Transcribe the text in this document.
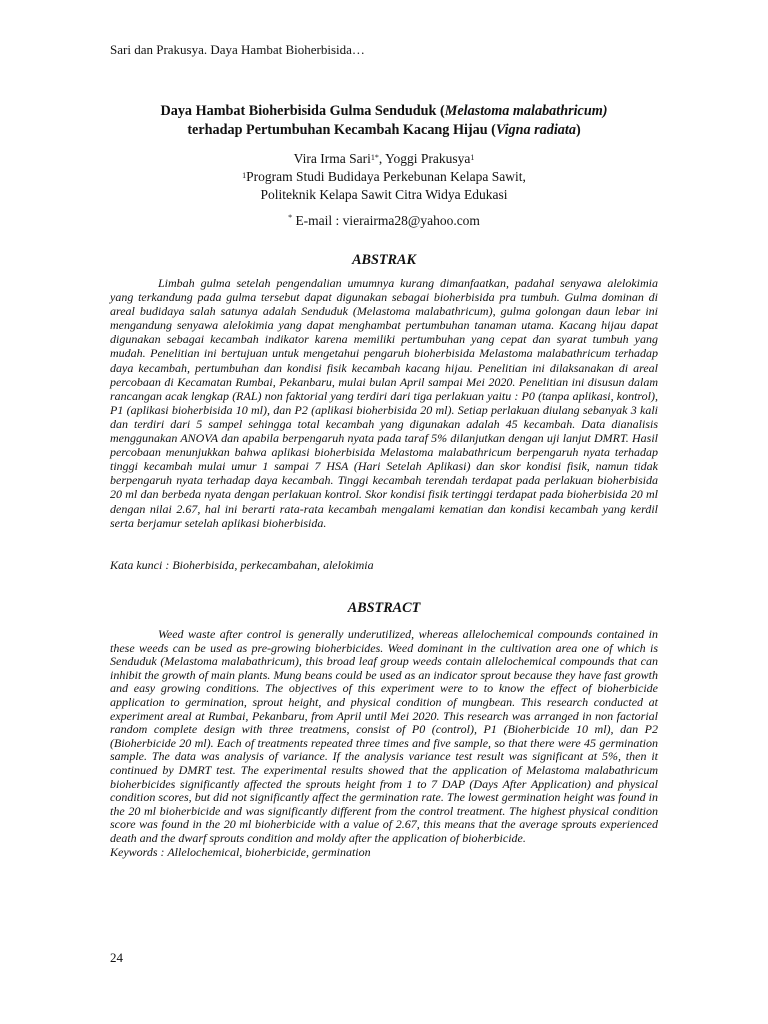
Sari dan Prakusya. Daya Hambat Bioherbisida…
Daya Hambat Bioherbisida Gulma Senduduk (Melastoma malabathricum)
terhadap Pertumbuhan Kecambah Kacang Hijau (Vigna radiata)
Vira Irma Sari$^{1*}$, Yoggi Prakusya$^1$
$^1$Program Studi Budidaya Perkebunan Kelapa Sawit,
Politeknik Kelapa Sawit Citra Widya Edukasi
* E-mail : vierairma28@yahoo.com
ABSTRAK

Limbah gulma setelah pengendalian umumnya kurang dimanfaatkan, padahal senyawa alelokimia yang terkandung pada gulma tersebut dapat digunakan sebagai bioherbisida pra tumbuh. Gulma dominan di areal budidaya salah satunya adalah Senduduk (Melastoma malabathricum), gulma golongan daun lebar ini mengandung senyawa alelokimia yang dapat menghambat pertumbuhan tanaman utama. Kacang hijau dapat digunakan sebagai kecambah indikator karena memiliki pertumbuhan yang cepat dan syarat tumbuh yang mudah. Penelitian ini bertujuan untuk mengetahui pengaruh bioherbisida Melastoma malabathricum terhadap daya kecambah, pertumbuhan dan kondisi fisik kecambah kacang hijau. Penelitian ini dilaksanakan di areal percobaan di Kecamatan Rumbai, Pekanbaru, mulai bulan April sampai Mei 2020. Penelitian ini disusun dalam rancangan acak lengkap (RAL) non faktorial yang terdiri dari tiga perlakuan yaitu : P0 (tanpa aplikasi, kontrol), P1 (aplikasi bioherbisida 10 ml), dan P2 (aplikasi bioherbisida 20 ml). Setiap perlakuan diulang sebanyak 3 kali dan terdiri dari 5 sampel sehingga total kecambah yang digunakan adalah 45 kecambah. Data dianalisis menggunakan ANOVA dan apabila berpengaruh nyata pada taraf 5% dilanjutkan dengan uji lanjut DMRT. Hasil percobaan menunjukkan bahwa aplikasi bioherbisida Melastoma malabathricum berpengaruh nyata terhadap tinggi kecambah mulai umur 1 sampai 7 HSA (Hari Setelah Aplikasi) dan skor kondisi fisik, namun tidak berpengaruh nyata terhadap daya kecambah. Tinggi kecambah terendah terdapat pada perlakuan bioherbisida 20 ml dan berbeda nyata dengan perlakuan kontrol. Skor kondisi fisik tertinggi terdapat pada bioherbisida 20 ml dengan nilai 2.67, hal ini berarti rata-rata kecambah mengalami kematian dan kondisi kecambah yang kerdil serta berjamur setelah aplikasi bioherbisida.

Kata kunci : Bioherbisida, perkecambahan, alelokimia
ABSTRACT

Weed waste after control is generally underutilized, whereas allelochemical compounds contained in these weeds can be used as pre-growing bioherbicides. Weed dominant in the cultivation area one of which is Senduduk (Melastoma malabathricum), this broad leaf group weeds contain allelochemical compounds that can inhibit the growth of main plants. Mung beans could be used as an indicator sprout because they have fast growth and easy growing conditions. The objectives of this experiment were to to know the effect of bioherbicide application to germination, sprout height, and physical condition of mungbean. This research conducted at experiment areal at Rumbai, Pekanbaru, from April until Mei 2020. This research was arranged in non factorial random complete design with three treatmens, consist of P0 (control), P1 (Bioherbicide 10 ml), dan P2 (Bioherbicide 20 ml). Each of treatments repeated three times and five sample, so that there were 45 germination sample. The data was analysis of variance. If the analysis variance test result was significant at 5%, then it continued by DMRT test. The experimental results showed that the application of Melastoma malabathricum bioherbicides significantly affected the sprouts height from 1 to 7 DAP (Days After Application) and physical condition scores, but did not significantly affect the germination rate. The lowest germination height was found in the 20 ml bioherbicide and was significantly different from the control treatment. The highest physical condition score was found in the 20 ml bioherbicide with a value of 2.67, this means that the average sprouts experienced death and the dwarf sprouts condition and moldy after the application of bioherbicide.

Keywords : Allelochemical, bioherbicide, germination
24
